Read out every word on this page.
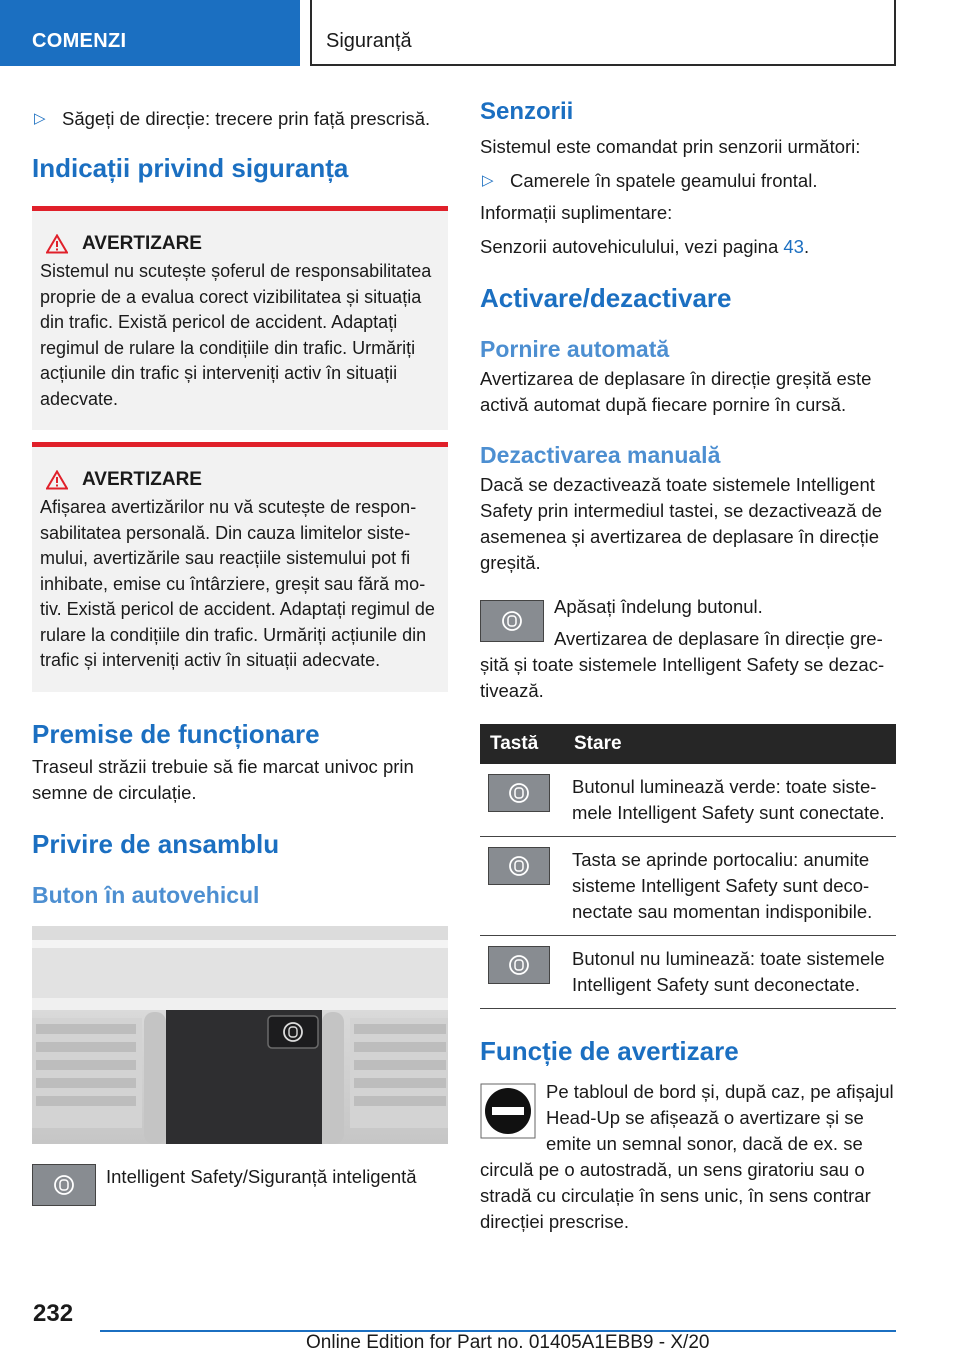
COMENZI	Siguranță
▷ Săgeți de direcție: trecere prin față prescrisă.
Indicații privind siguranța
AVERTIZARE

Sistemul nu scutește șoferul de responsabilitatea proprie de a evalua corect vizibilitatea și situația din trafic. Există pericol de accident. Adaptați regimul de rulare la condițiile din trafic. Urmăriți acțiunile din trafic și interveniți activ în situații adecvate.

AVERTIZARE

Afișarea avertizărilor nu vă scutește de responsabilitatea personală. Din cauza limitelor sistemului, avertizările sau reacțiile sistemului pot fi inhibate, emise cu întârziere, greșit sau fără motiv. Există pericol de accident. Adaptați regimul de rulare la condițiile din trafic. Urmăriți acțiunile din trafic și interveniți activ în situații adecvate.

Premise de funcționare

Traseul străzii trebuie să fie marcat univoc prin semne de circulație.

Privire de ansamblu
Buton în autovehicul

Intelligent Safety/Siguranță inteligentă

Senzorii

Sistemul este comandat prin senzorii următori:

▷ Camerele în spatele geamului frontal.

Informații suplimentare:

Senzorii autovehiculului, vezi pagina 43.

Activare/dezactivare
Pornire automată

Avertizarea de deplasare în direcție greșită este activă automat după fiecare pornire în cursă.

Dezactivarea manuală

Dacă se dezactivează toate sistemele Intelligent Safety prin intermediul tastei, se dezactivează de asemenea și avertizarea de deplasare în direcție greșită.

Apăsați îndelung butonul.

Avertizarea de deplasare în direcție greșită și toate sistemele Intelligent Safety se dezactivează.

Tastă	Stare

	Butonul luminează verde: toate sistemele Intelligent Safety sunt conectate.

	Tasta se aprinde portocaliu: anumite sisteme Intelligent Safety sunt deconectate sau momentan indisponibile.

	Butonul nu luminează: toate sistemele Intelligent Safety sunt deconectate.
Funcție de avertizare

Pe tabloul de bord și, după caz, pe afișajul Head-Up se afișează o avertizare și se emite un semnal sonor, dacă de ex. se circulă pe o autostradă, un sens giratoriu sau o stradă cu circulație în sens unic, în sens contrar direcției prescrise.

232
Online Edition for Part no. 01405A1EBB9 - X/20
